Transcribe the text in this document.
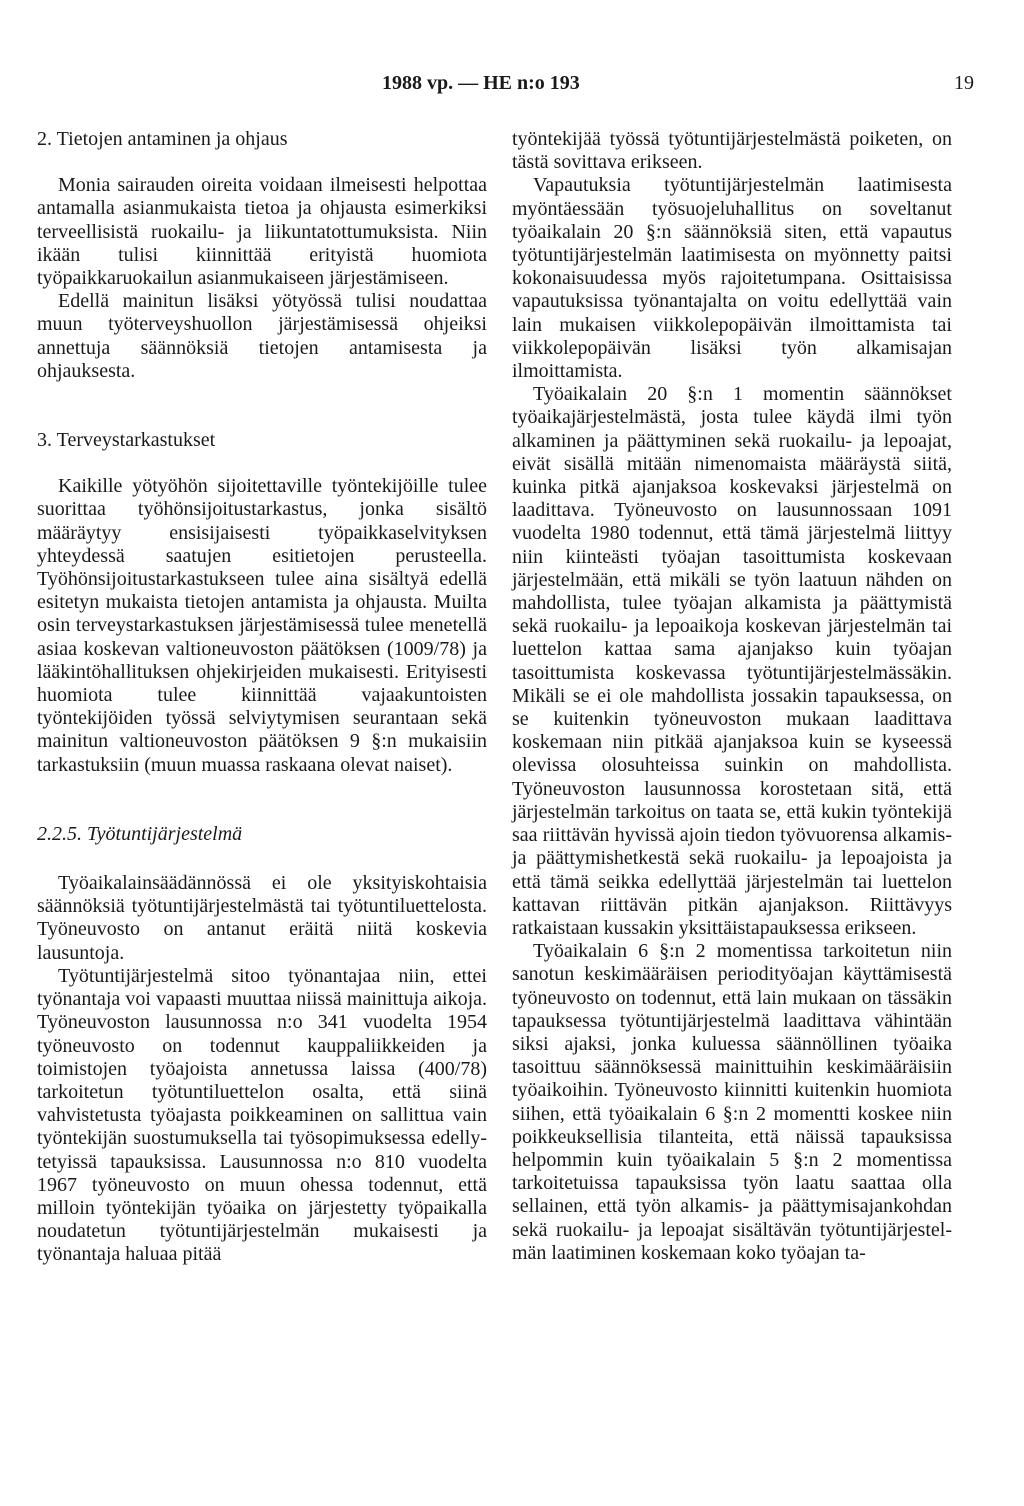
1988 vp. — HE n:o 193	19

2. Tietojen antaminen ja ohjaus

Monia sairauden oireita voidaan ilmeisesti helpottaa antamalla asianmukaista tietoa ja ohjausta esimerkiksi terveellisistä ruokailu- ja liikuntatottumuksista. Niin ikään tulisi kiinnittää erityistä huomiota työpaikkaruokailun asianmukaiseen järjestämiseen.

Edellä mainitun lisäksi yötyössä tulisi noudattaa muun työterveyshuollon järjestämisessä ohjeiksi annettuja säännöksiä tietojen antamisesta ja ohjauksesta.

3. Terveystarkastukset

Kaikille yötyöhön sijoitettaville työntekijöille tulee suorittaa työhönsijoitustarkastus, jonka sisältö määräytyy ensisijaisesti työpaikkaselvityksen yhteydessä saatujen esitietojen perusteella. Työhönsijoitustarkastukseen tulee aina sisältyä edellä esitetyn mukaista tietojen antamista ja ohjausta. Muilta osin terveystarkastuksen järjestämisessä tulee menetellä asiaa koskevan valtioneuvoston päätöksen (1009/78) ja lääkintöhallituksen ohjekirjeiden mukaisesti. Erityisesti huomiota tulee kiinnittää vajaakuntoisten työntekijöiden työssä selviytymisen seurantaan sekä mainitun valtioneuvoston päätöksen 9 §:n mukaisiin tarkastuksiin (muun muassa raskaana olevat naiset).

2.2.5. Työtuntijärjestelmä

Työaikalainsäädännössä ei ole yksityiskohtaisia säännöksiä työtuntijärjestelmästä tai työtuntiluettelosta. Työneuvosto on antanut eräitä niitä koskevia lausuntoja.

Työtuntijärjestelmä sitoo työnantajaa niin, ettei työnantaja voi vapaasti muuttaa niissä mainittuja aikoja. Työneuvoston lausunnossa n:o 341 vuodelta 1954 työneuvosto on todennut kauppaliikkeiden ja toimistojen työajoista annetussa laissa (400/78) tarkoitetun työtuntiluettelon osalta, että siinä vahvistetusta työajasta poikkeaminen on sallittua vain työntekijän suostumuksella tai työsopimuksessa edellytetyissä tapauksissa. Lausunnossa n:o 810 vuodelta 1967 työneuvosto on muun ohessa todennut, että milloin työntekijän työaika on järjestetty työpaikalla noudatetun työtuntijärjestelmän mukaisesti ja työnantaja haluaa pitää

työntekijää työssä työtuntijärjestelmästä poiketen, on tästä sovittava erikseen.

Vapautuksia työtuntijärjestelmän laatimisesta myöntäessään työsuojeluhallitus on soveltanut työaikalain 20 §:n säännöksiä siten, että vapautus työtuntijärjestelmän laatimisesta on myönnetty paitsi kokonaisuudessa myös rajoitetumpana. Osittaisissa vapautuksissa työnantajalta on voitu edellyttää vain lain mukaisen viikkolepopäivän ilmoittamista tai viikkolepopäivän lisäksi työn alkamisajan ilmoittamista.

Työaikalain 20 §:n 1 momentin säännökset työaikajärjestelmästä, josta tulee käydä ilmi työn alkaminen ja päättyminen sekä ruokailu- ja lepoajat, eivät sisällä mitään nimenomaista määräystä siitä, kuinka pitkä ajanjaksoa koskevaksi järjestelmä on laadittava. Työneuvosto on lausunnossaan 1091 vuodelta 1980 todennut, että tämä järjestelmä liittyy niin kiinteästi työajan tasoittumista koskevaan järjestelmään, että mikäli se työn laatuun nähden on mahdollista, tulee työajan alkamista ja päättymistä sekä ruokailu- ja lepoaikoja koskevan järjestelmän tai luettelon kattaa sama ajanjakso kuin työajan tasoittumista koskevassa työtuntijärjestelmässäkin. Mikäli se ei ole mahdollista jossakin tapauksessa, on se kuitenkin työneuvoston mukaan laadittava koskemaan niin pitkää ajanjaksoa kuin se kyseessä olevissa olosuhteissa suinkin on mahdollista. Työneuvoston lausunnossa korostetaan sitä, että järjestelmän tarkoitus on taata se, että kukin työntekijä saa riittävän hyvissä ajoin tiedon työvuorensa alkamis- ja päättymishetkestä sekä ruokailu- ja lepoajoista ja että tämä seikka edellyttää järjestelmän tai luettelon kattavan riittävän pitkän ajanjakson. Riittävyys ratkaistaan kussakin yksittäistapauksessa erikseen.

Työaikalain 6 §:n 2 momentissa tarkoitetun niin sanotun keskimääräisen periodityöajan käyttämisestä työneuvosto on todennut, että lain mukaan on tässäkin tapauksessa työtuntijärjestelmä laadittava vähintään siksi ajaksi, jonka kuluessa säännöllinen työaika tasoittuu säännöksessä mainittuihin keskimääräisiin työaikoihin. Työneuvosto kiinnitti kuitenkin huomiota siihen, että työaikalain 6 §:n 2 momentti koskee niin poikkeuksellisia tilanteita, että näissä tapauksissa helpommin kuin työaikalain 5 §:n 2 momentissa tarkoitetuissa tapauksissa työn laatu saattaa olla sellainen, että työn alkamis- ja päättymisajankohdan sekä ruokailu- ja lepoajat sisältävän työtuntijärjestelmän laatiminen koskemaan koko työajan ta-
